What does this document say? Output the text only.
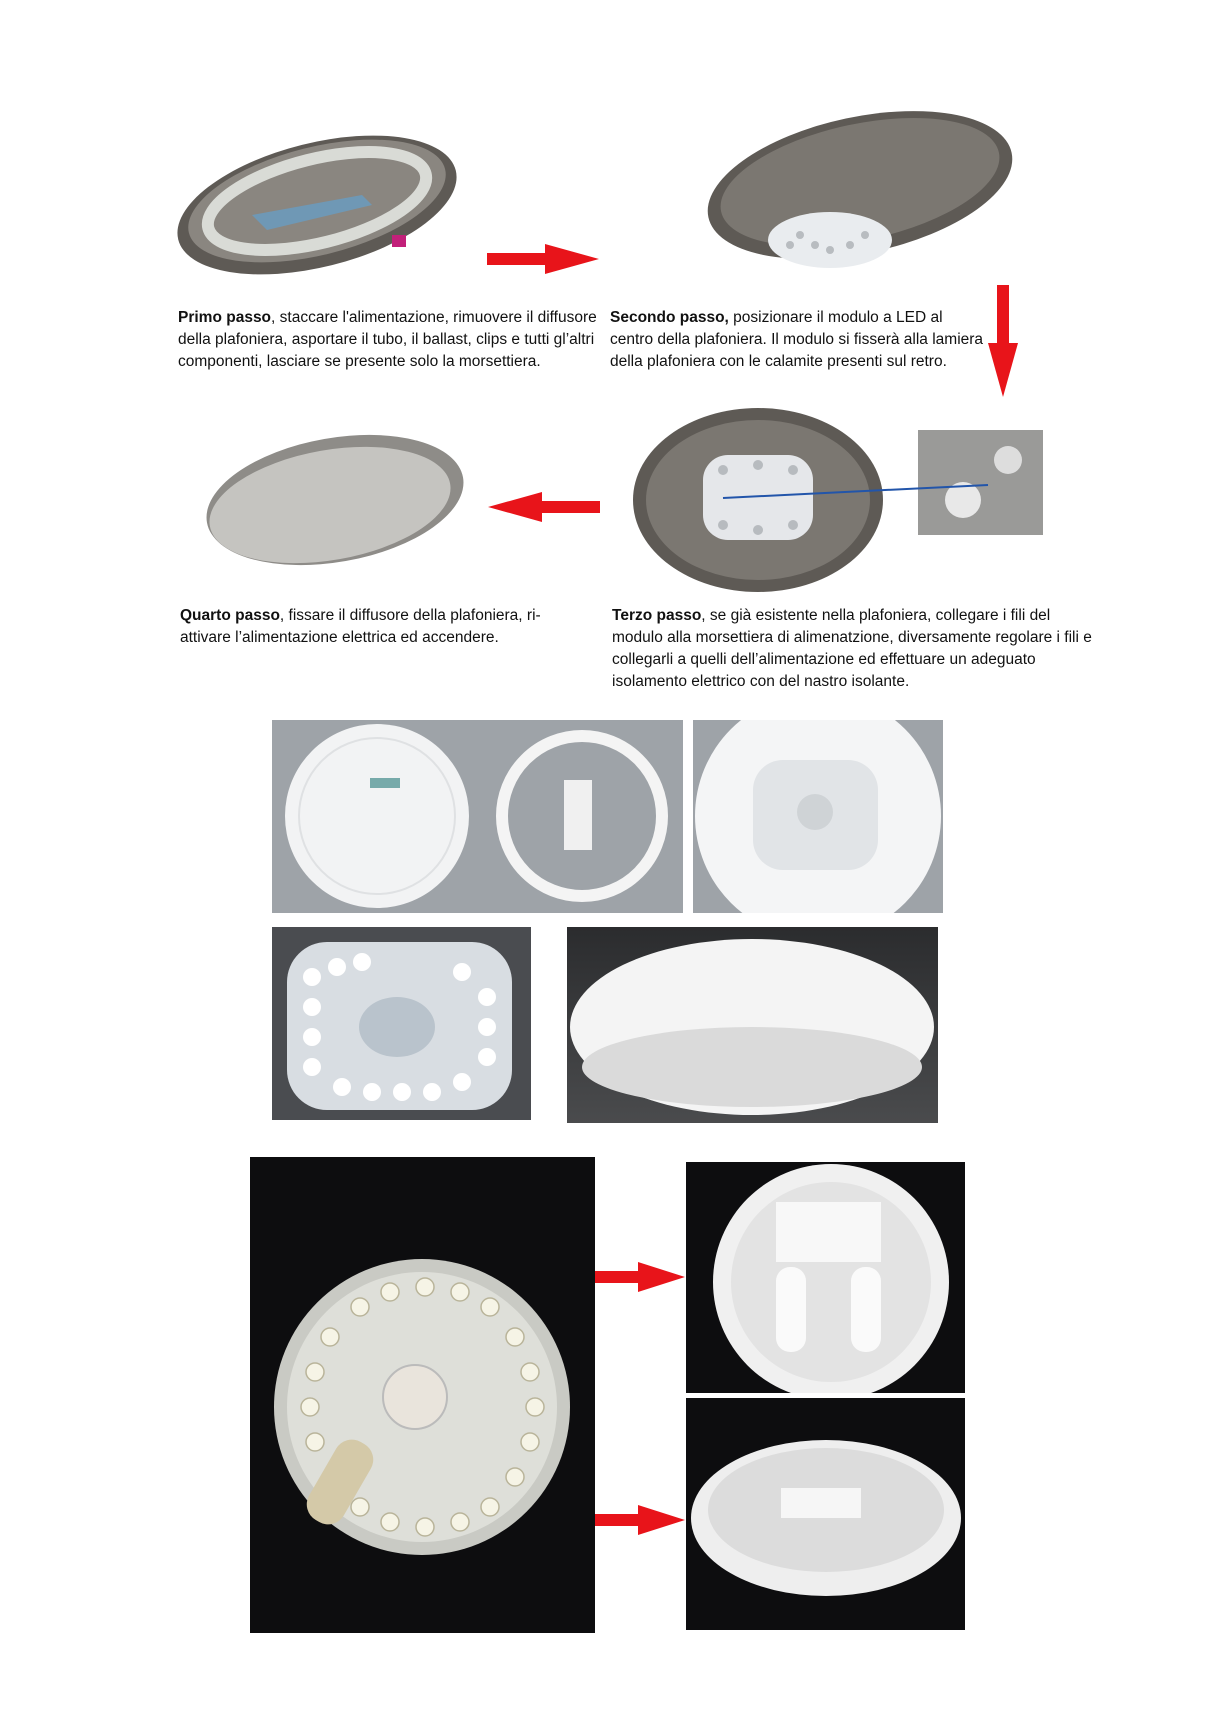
Primo passo, staccare l'alimentazione, rimuovere il diffusore della plafoniera, asportare il tubo, il ballast, clips e tutti gl’altri componenti, lasciare se presente solo la morsettiera.
Secondo passo, posizionare il modulo a LED al centro della plafoniera. Il modulo si fisserà alla lamiera della plafoniera con le calamite presenti sul retro.
Quarto passo, fissare il diffusore della plafoniera, ri-attivare l’alimentazione elettrica ed accendere.
Terzo passo, se già esistente nella plafoniera, collegare i fili del modulo alla morsettiera di alimenatzione, diversamente regolare i fili e collegarli a quelli dell’alimentazione ed effettuare un adeguato isolamento elettrico con del nastro isolante.
